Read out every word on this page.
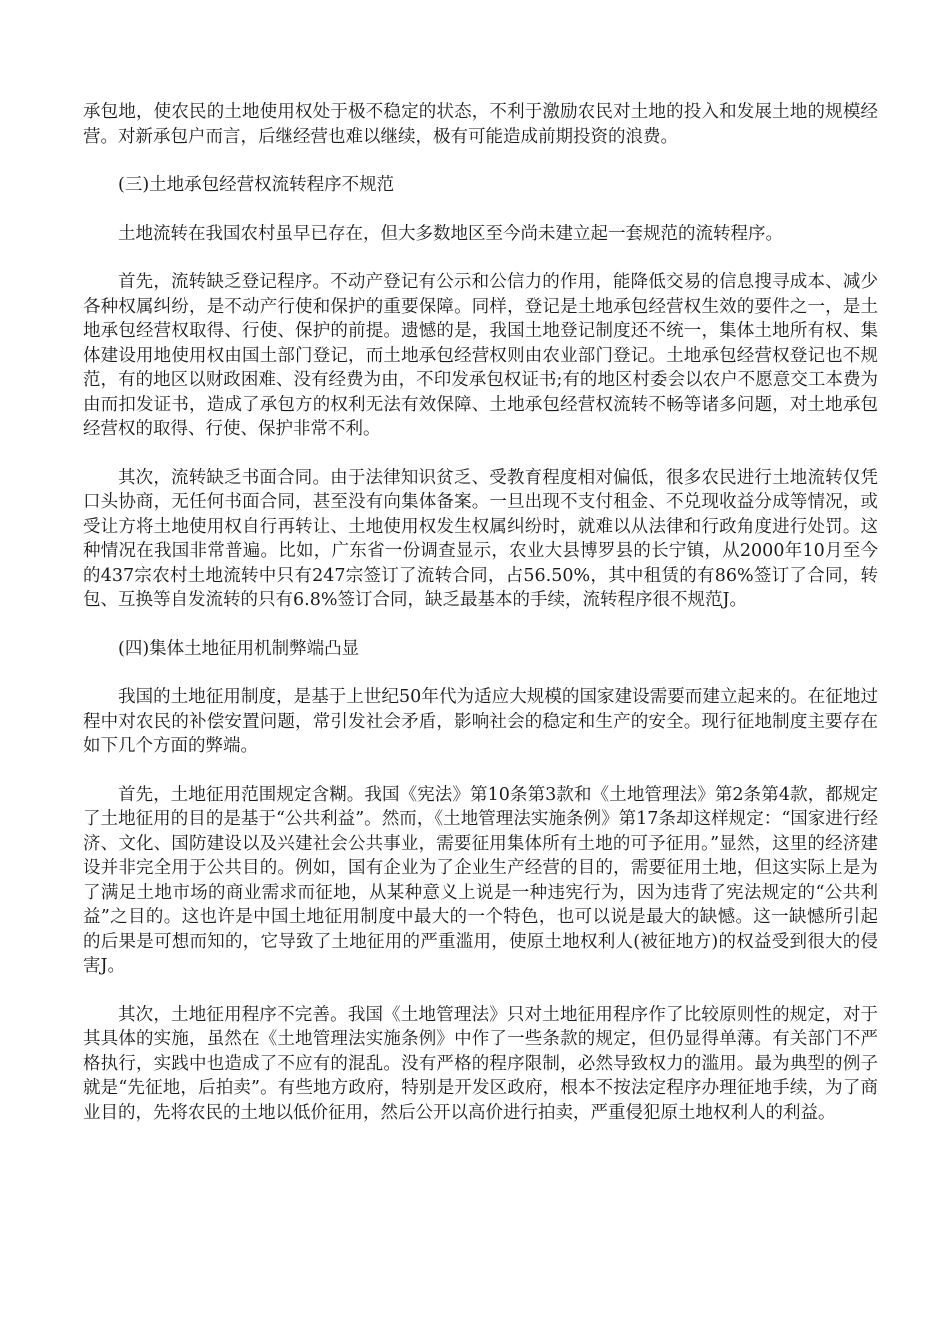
承包地，使农民的土地使用权处于极不稳定的状态，不利于激励农民对土地的投入和发展土地的规模经营。对新承包户而言，后继经营也难以继续，极有可能造成前期投资的浪费。

(三)土地承包经营权流转程序不规范

土地流转在我国农村虽早已存在，但大多数地区至今尚未建立起一套规范的流转程序。

首先，流转缺乏登记程序。不动产登记有公示和公信力的作用，能降低交易的信息搜寻成本、减少各种权属纠纷，是不动产行使和保护的重要保障。同样，登记是土地承包经营权生效的要件之一，是土地承包经营权取得、行使、保护的前提。遗憾的是，我国土地登记制度还不统一，集体土地所有权、集体建设用地使用权由国土部门登记，而土地承包经营权则由农业部门登记。土地承包经营权登记也不规范，有的地区以财政困难、没有经费为由，不印发承包权证书;有的地区村委会以农户不愿意交工本费为由而扣发证书，造成了承包方的权利无法有效保障、土地承包经营权流转不畅等诸多问题，对土地承包经营权的取得、行使、保护非常不利。

其次，流转缺乏书面合同。由于法律知识贫乏、受教育程度相对偏低，很多农民进行土地流转仅凭口头协商，无任何书面合同，甚至没有向集体备案。一旦出现不支付租金、不兑现收益分成等情况，或受让方将土地使用权自行再转让、土地使用权发生权属纠纷时，就难以从法律和行政角度进行处罚。这种情况在我国非常普遍。比如，广东省一份调查显示，农业大县博罗县的长宁镇，从2000年10月至今的437宗农村土地流转中只有247宗签订了流转合同，占56.50%，其中租赁的有86%签订了合同，转包、互换等自发流转的只有6.8%签订合同，缺乏最基本的手续，流转程序很不规范J。

(四)集体土地征用机制弊端凸显

我国的土地征用制度，是基于上世纪50年代为适应大规模的国家建设需要而建立起来的。在征地过程中对农民的补偿安置问题，常引发社会矛盾，影响社会的稳定和生产的安全。现行征地制度主要存在如下几个方面的弊端。

首先，土地征用范围规定含糊。我国《宪法》第10条第3款和《土地管理法》第2条第4款，都规定了土地征用的目的是基于“公共利益”。然而，《土地管理法实施条例》第17条却这样规定：“国家进行经济、文化、国防建设以及兴建社会公共事业，需要征用集体所有土地的可予征用。”显然，这里的经济建设并非完全用于公共目的。例如，国有企业为了企业生产经营的目的，需要征用土地，但这实际上是为了满足土地市场的商业需求而征地，从某种意义上说是一种违宪行为，因为违背了宪法规定的“公共利益”之目的。这也许是中国土地征用制度中最大的一个特色，也可以说是最大的缺憾。这一缺憾所引起的后果是可想而知的，它导致了土地征用的严重滥用，使原土地权利人(被征地方)的权益受到很大的侵害J。

其次，土地征用程序不完善。我国《土地管理法》只对土地征用程序作了比较原则性的规定，对于其具体的实施，虽然在《土地管理法实施条例》中作了一些条款的规定，但仍显得单薄。有关部门不严格执行，实践中也造成了不应有的混乱。没有严格的程序限制，必然导致权力的滥用。最为典型的例子就是“先征地，后拍卖”。有些地方政府，特别是开发区政府，根本不按法定程序办理征地手续，为了商业目的，先将农民的土地以低价征用，然后公开以高价进行拍卖，严重侵犯原土地权利人的利益。
